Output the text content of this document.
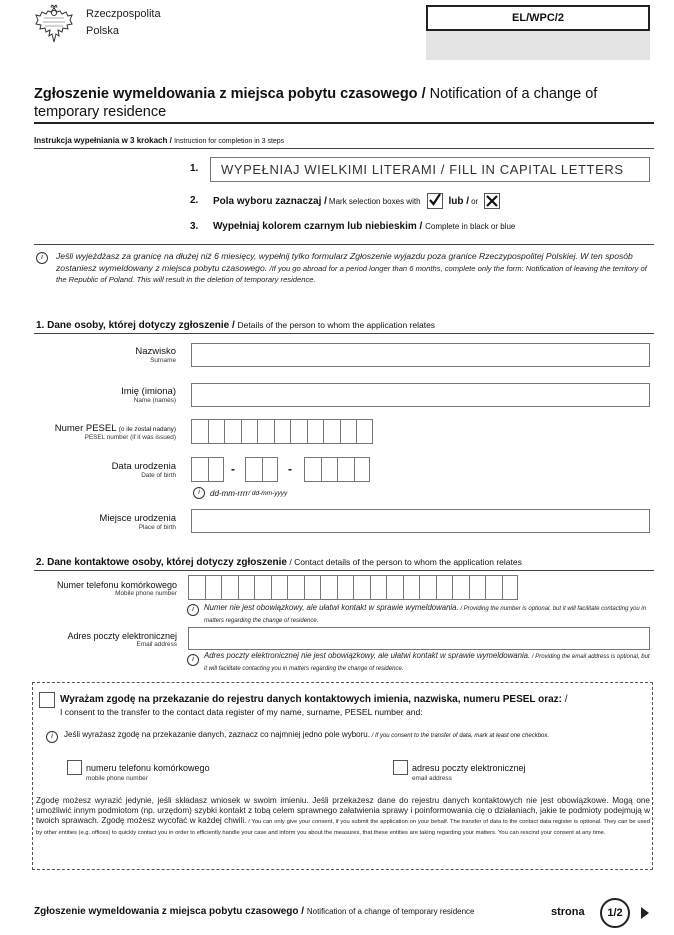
Rzeczpospolita
Polska
EL/WPC/2
Zgłoszenie wymeldowania z miejsca pobytu czasowego / Notification of a change of temporary residence
Instrukcja wypełniania w 3 krokach / Instruction for completion in 3 steps
1.	WYPEŁNIAJ WIELKIMI LITERAMI / FILL IN CAPITAL LETTERS
2. Pola wyboru zaznaczaj / Mark selection boxes with	lub / or
3. Wypełniaj kolorem czarnym lub niebieskim / Complete in black or blue
i	Jeśli wyjeżdżasz za granicę na dłużej niż 6 miesięcy, wypełnij tylko formularz Zgłoszenie wyjazdu poza granice Rzeczypospolitej Polskiej. W ten sposób zostaniesz wymeldowany z miejsca pobytu czasowego. /If you go abroad for a period longer than 6 months, complete only the form: Notification of leaving the territory of the Republic of Poland. This will result in the deletion of temporary residence.
1. Dane osoby, której dotyczy zgłoszenie / Details of the person to whom the application relates
Nazwisko
Surname
Imię (imiona)
Name (names)
Numer PESEL (o ile został nadany)
PESEL number (if it was issued)
Data urodzenia
Date of birth	-	-
i	dd-mm-rrrr / dd-mm-yyyy
Miejsce urodzenia
Place of birth
2. Dane kontaktowe osoby, której dotyczy zgłoszenie / Contact details of the person to whom the application relates
Numer telefonu komórkowego
Mobile phone number
i	Numer nie jest obowiązkowy, ale ułatwi kontakt w sprawie wymeldowania. / Providing the number is optional, but it will facilitate contacting you in matters regarding the change of residence.
Adres poczty elektronicznej
Email address
i	Adres poczty elektronicznej nie jest obowiązkowy, ale ułatwi kontakt w sprawie wymeldowania. / Providing the email address is optional, but it will facilitate contacting you in matters regarding the change of residence.
Wyrażam zgodę na przekazanie do rejestru danych kontaktowych imienia, nazwiska, numeru PESEL oraz: /
I consent to the transfer to the contact data register of my name, surname, PESEL number and:
i	Jeśli wyrażasz zgodę na przekazanie danych, zaznacz co najmniej jedno pole wyboru. / If you consent to the transfer of data, mark at least one checkbox.
numeru telefonu komórkowego
mobile phone number
adresu poczty elektronicznej
email address
Zgodę możesz wyrazić jedynie, jeśli składasz wniosek w swoim imieniu. Jeśli przekażesz dane do rejestru danych kontaktowych nie jest obowiązkowe. Mogą one umożliwić innym podmiotom (np. urzędom) szybki kontakt z tobą celem sprawnego załatwienia sprawy i poinformowania cię o działaniach, jakie te podmioty podejmują w twoich sprawach. Zgodę możesz wycofać w każdej chwili. / You can only give your consent, if you submit the application on your behalf. The transfer of data to the contact data register is optional. They can be used by other entities (e.g. offices) to quickly contact you in order to efficiently handle your case and inform you about the measures, that these entities are taking regarding your matters. You can rescind your consent at any time.
Zgłoszenie wymeldowania z miejsca pobytu czasowego / Notification of a change of temporary residence	strona	1/2
